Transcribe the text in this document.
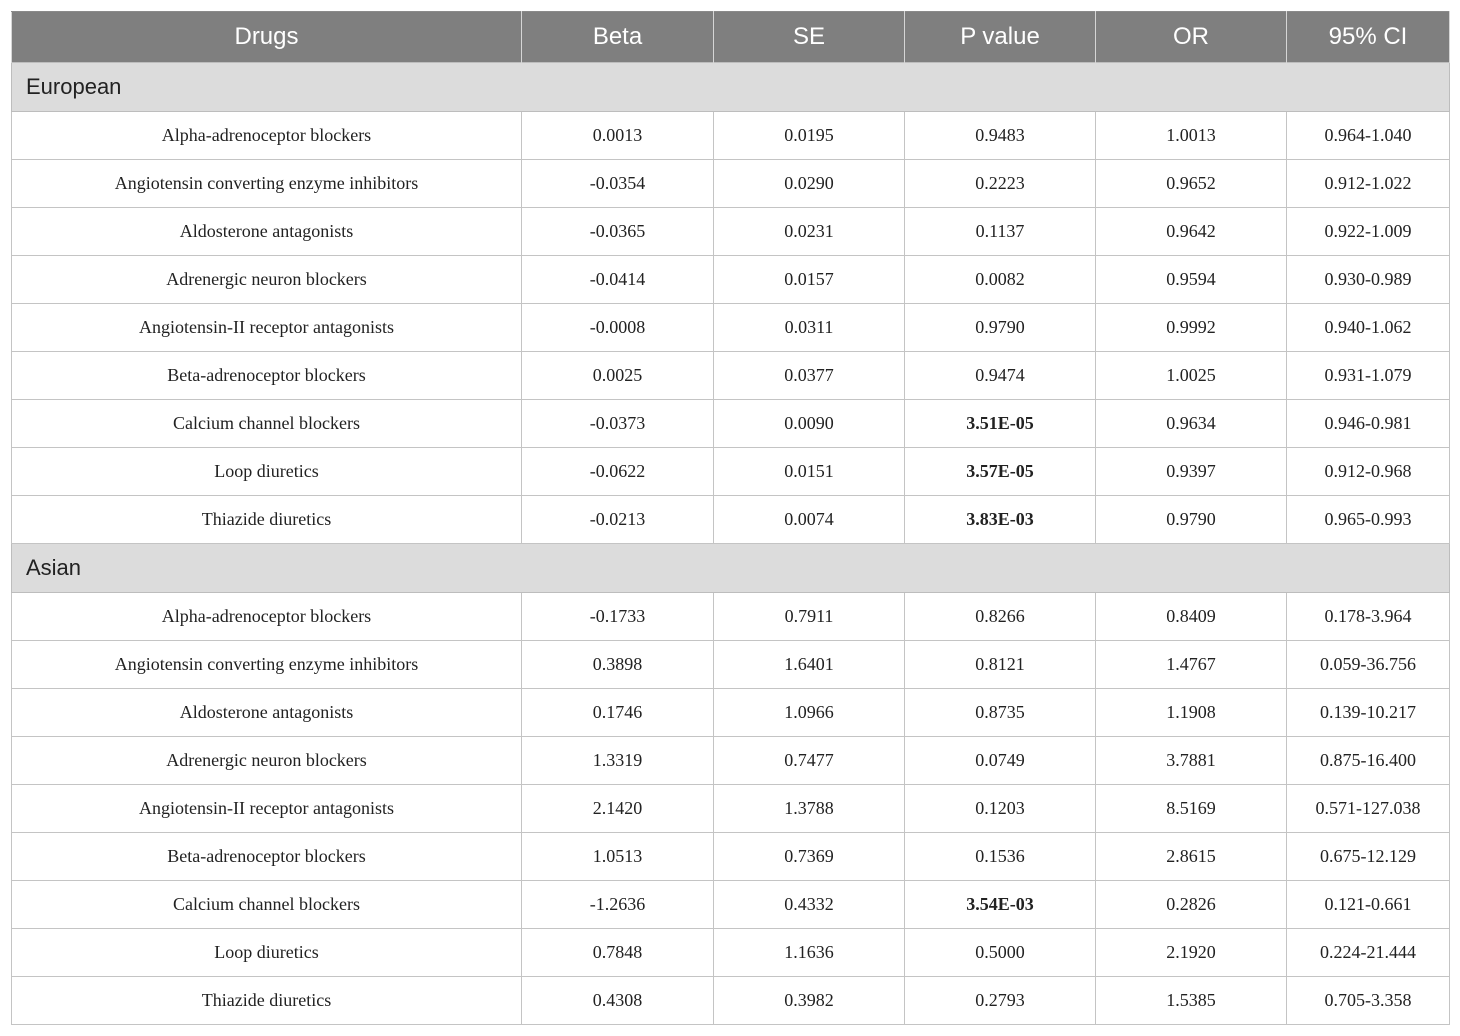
Drugs	Beta	SE	P value	OR	95% CI
European					
Alpha-adrenoceptor blockers	0.0013	0.0195	0.9483	1.0013	0.964-1.040
Angiotensin converting enzyme inhibitors	-0.0354	0.0290	0.2223	0.9652	0.912-1.022
Aldosterone antagonists	-0.0365	0.0231	0.1137	0.9642	0.922-1.009
Adrenergic neuron blockers	-0.0414	0.0157	0.0082	0.9594	0.930-0.989
Angiotensin-II receptor antagonists	-0.0008	0.0311	0.9790	0.9992	0.940-1.062
Beta-adrenoceptor blockers	0.0025	0.0377	0.9474	1.0025	0.931-1.079
Calcium channel blockers	-0.0373	0.0090	3.51E-05	0.9634	0.946-0.981
Loop diuretics	-0.0622	0.0151	3.57E-05	0.9397	0.912-0.968
Thiazide diuretics	-0.0213	0.0074	3.83E-03	0.9790	0.965-0.993
Asian					
Alpha-adrenoceptor blockers	-0.1733	0.7911	0.8266	0.8409	0.178-3.964
Angiotensin converting enzyme inhibitors	0.3898	1.6401	0.8121	1.4767	0.059-36.756
Aldosterone antagonists	0.1746	1.0966	0.8735	1.1908	0.139-10.217
Adrenergic neuron blockers	1.3319	0.7477	0.0749	3.7881	0.875-16.400
Angiotensin-II receptor antagonists	2.1420	1.3788	0.1203	8.5169	0.571-127.038
Beta-adrenoceptor blockers	1.0513	0.7369	0.1536	2.8615	0.675-12.129
Calcium channel blockers	-1.2636	0.4332	3.54E-03	0.2826	0.121-0.661
Loop diuretics	0.7848	1.1636	0.5000	2.1920	0.224-21.444
Thiazide diuretics	0.4308	0.3982	0.2793	1.5385	0.705-3.358
